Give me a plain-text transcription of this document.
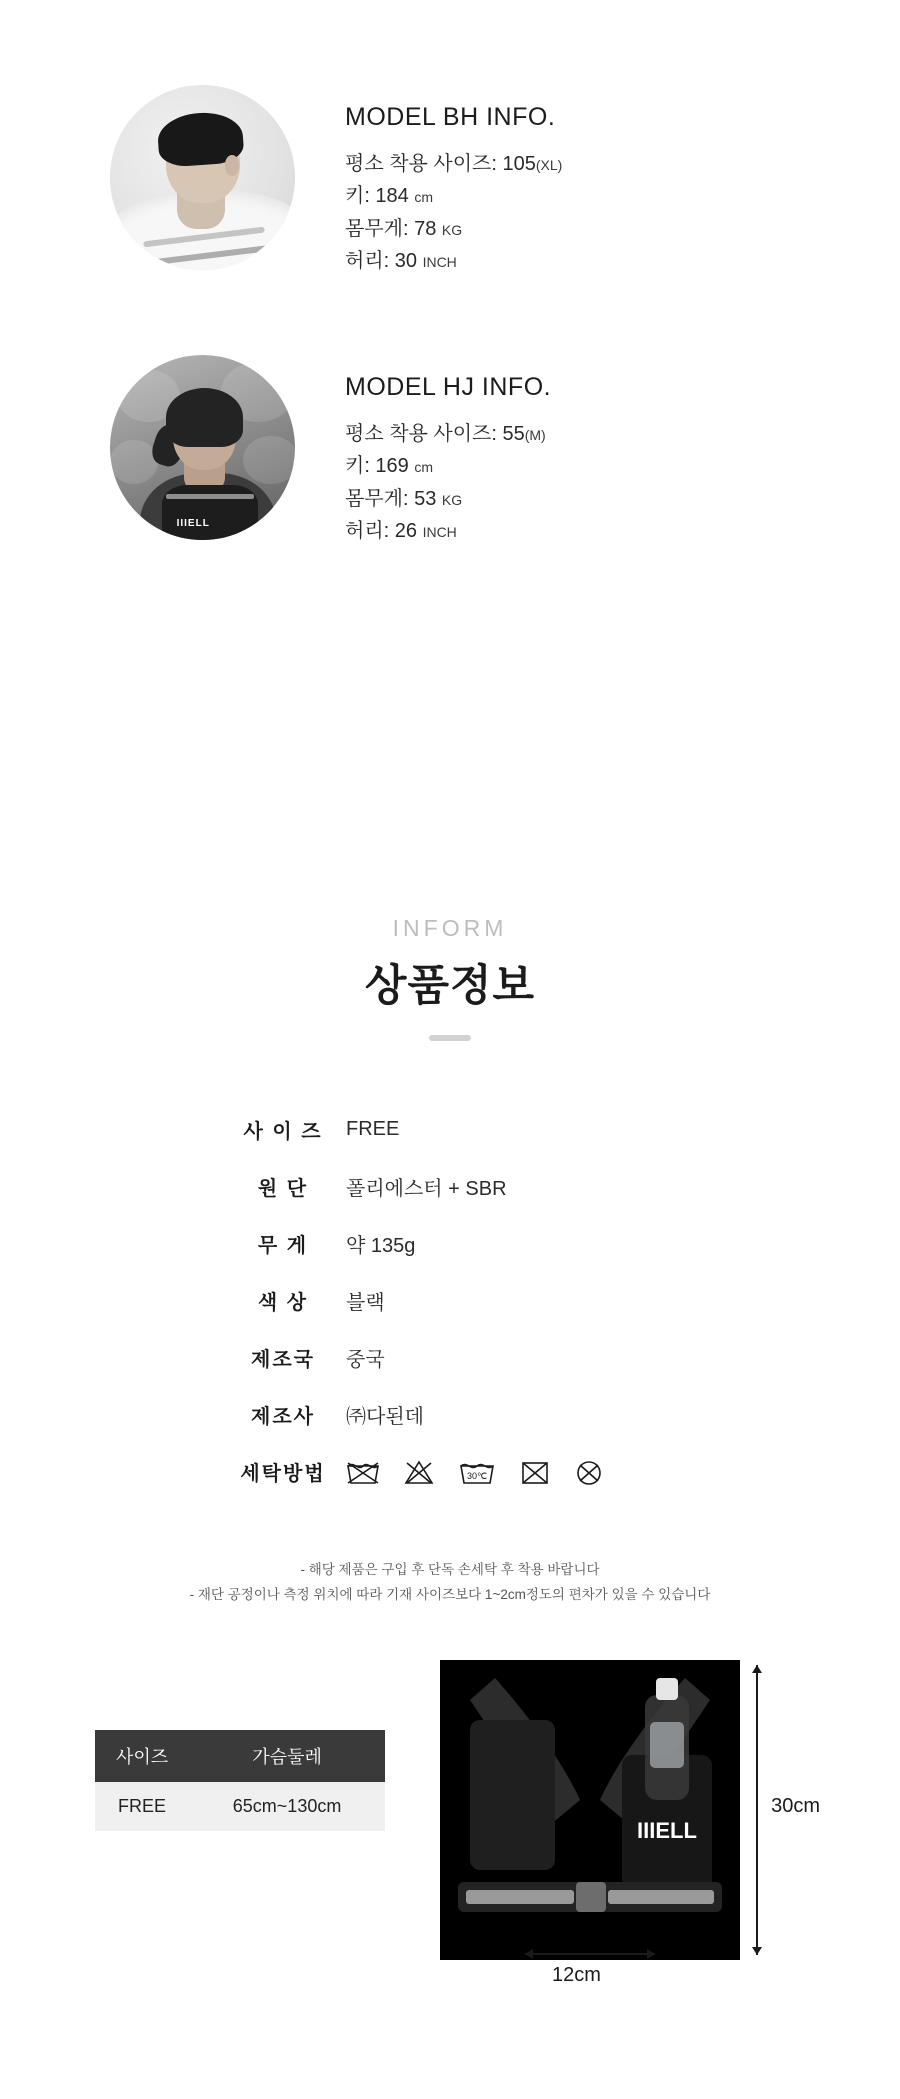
MODEL BH INFO.
평소 착용 사이즈: 105(XL)
키: 184 cm
몸무게: 78 KG
허리: 30 INCH
IIIELL
MODEL HJ INFO.
평소 착용 사이즈: 55(M)
키: 169 cm
몸무게: 53 KG
허리: 26 INCH
INFORM
상품정보
사 이 즈	FREE
원 단	폴리에스터 + SBR
무 게	약 135g
색 상	블랙
제조국	중국
제조사	㈜다된데
세탁방법	30℃
- 해당 제품은 구입 후 단독 손세탁 후 착용 바랍니다
- 재단 공정이나 측정 위치에 따라 기재 사이즈보다 1~2cm정도의 편차가 있을 수 있습니다
사이즈	가슴둘레
FREE	65cm~130cm
IIIELL
30cm
12cm
